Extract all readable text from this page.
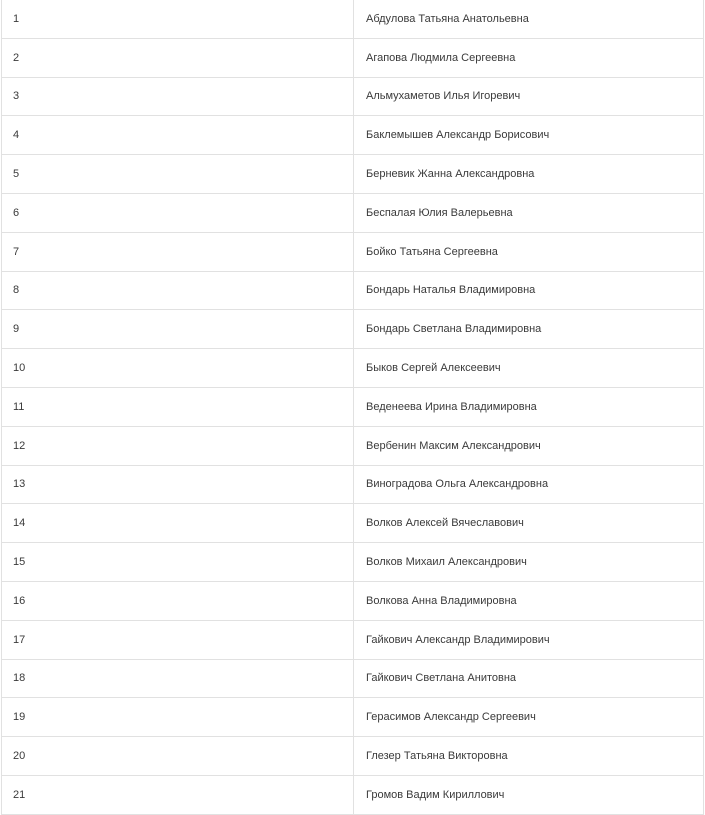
1	Абдулова Татьяна Анатольевна
2	Агапова Людмила Сергеевна
3	Альмухаметов Илья Игоревич
4	Баклемышев Александр Борисович
5	Берневик Жанна Александровна
6	Беспалая Юлия Валерьевна
7	Бойко Татьяна Сергеевна
8	Бондарь Наталья Владимировна
9	Бондарь Светлана Владимировна
10	Быков Сергей Алексеевич
11	Веденеева Ирина Владимировна
12	Вербенин Максим Александрович
13	Виноградова Ольга Александровна
14	Волков Алексей Вячеславович
15	Волков Михаил Александрович
16	Волкова Анна Владимировна
17	Гайкович Александр Владимирович
18	Гайкович Светлана Анитовна
19	Герасимов Александр Сергеевич
20	Глезер Татьяна Викторовна
21	Громов Вадим Кириллович
